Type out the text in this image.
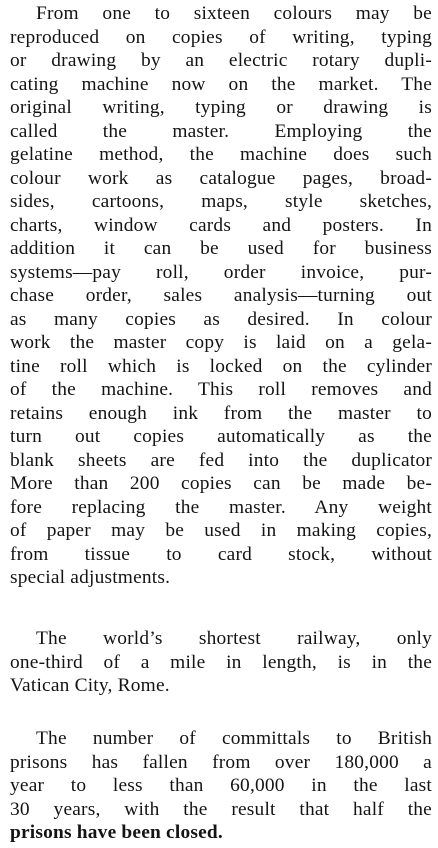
From one to sixteen colours may be
reproduced on copies of writing, typing
or drawing by an electric rotary dupli-
cating machine now on the market. The
original writing, typing or drawing is
called the master. Employing the
gelatine method, the machine does such
colour work as catalogue pages, broad-
sides, cartoons, maps, style sketches,
charts, window cards and posters. In
addition it can be used for business
systems—pay roll, order invoice, pur-
chase order, sales analysis—turning out
as many copies as desired. In colour
work the master copy is laid on a gela-
tine roll which is locked on the cylinder
of the machine. This roll removes and
retains enough ink from the master to
turn out copies automatically as the
blank sheets are fed into the duplicator
More than 200 copies can be made be-
fore replacing the master. Any weight
of paper may be used in making copies,
from tissue to card stock, without
special adjustments.
The world’s shortest railway, only
one-third of a mile in length, is in the
Vatican City, Rome.
The number of committals to British
prisons has fallen from over 180,000 a
year to less than 60,000 in the last
30 years, with the result that half the
prisons have been closed.
